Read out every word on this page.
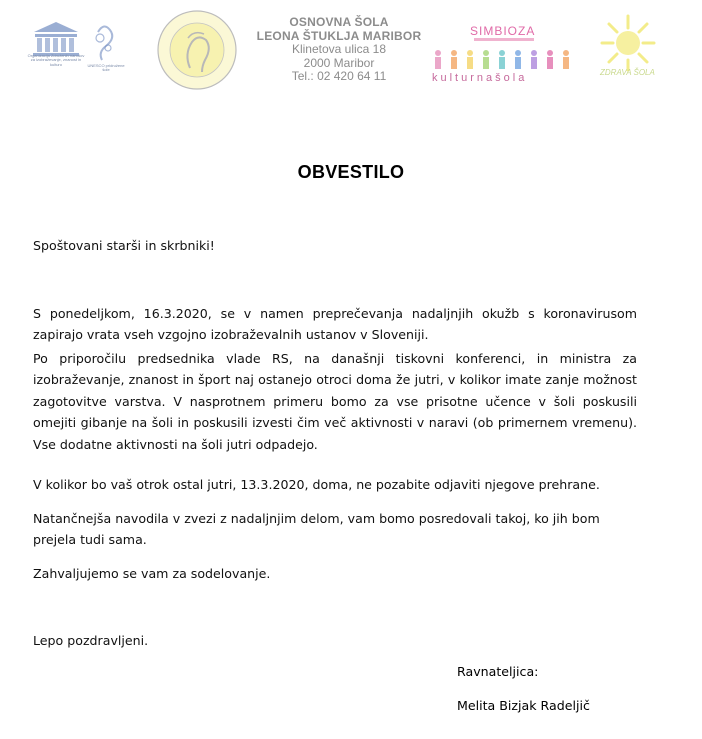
Organizacija Združenih narodov za izobraževanje, znanost in kulturo	UNESCO pridružene šole
OSNOVNA ŠOLA
LEONA ŠTUKLJA MARIBOR
Klinetova ulica 18
2000 Maribor
Tel.: 02 420 64 11
SIMBIOZA
kulturnašola	ZDRAVA ŠOLA
OBVESTILO
Spoštovani starši in skrbniki!
S ponedeljkom, 16.3.2020, se v namen preprečevanja nadaljnjih okužb s koronavirusom zapirajo vrata vseh vzgojno izobraževalnih ustanov v Sloveniji.
Po priporočilu predsednika vlade RS, na današnji tiskovni konferenci, in ministra za izobraževanje, znanost in šport naj ostanejo otroci doma že jutri, v kolikor imate zanje možnost zagotovitve varstva. V nasprotnem primeru bomo za vse prisotne učence v šoli poskusili omejiti gibanje na šoli in poskusili izvesti čim več aktivnosti v naravi (ob primernem vremenu). Vse dodatne aktivnosti na šoli jutri odpadejo.
V kolikor bo vaš otrok ostal jutri, 13.3.2020, doma, ne pozabite odjaviti njegove prehrane.
Natančnejša navodila v zvezi z nadaljnjim delom, vam bomo posredovali takoj, ko jih bom prejela tudi sama.
Zahvaljujemo se vam za sodelovanje.
Lepo pozdravljeni.
Ravnateljica:
Melita Bizjak Radeljič
